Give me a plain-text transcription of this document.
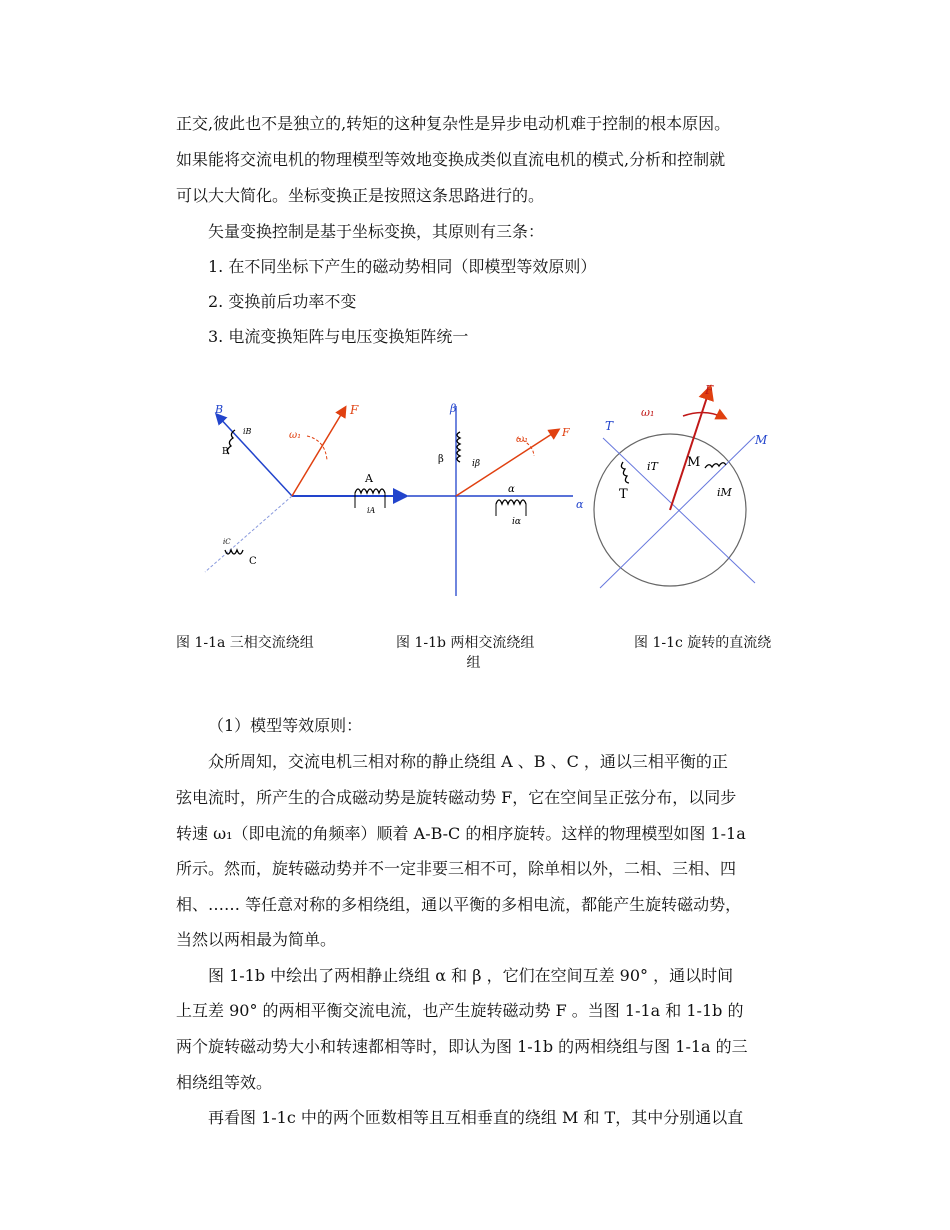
正交,彼此也不是独立的,转矩的这种复杂性是异步电动机难于控制的根本原因。
如果能将交流电机的物理模型等效地变换成类似直流电机的模式,分析和控制就
可以大大简化。坐标变换正是按照这条思路进行的。
矢量变换控制是基于坐标变换，其原则有三条：
1. 在不同坐标下产生的磁动势相同（即模型等效原则）
2. 变换前后功率不变
3. 电流变换矩阵与电压变换矩阵统一
B
A
C
B
F
ω₁
iA
iB
iC
β
α
F
ω₁
iβ
iα
α
β
F
ω₁
T
M
iT
iM
T
M
图 1-1a 三相交流绕组	图 1-1b 两相交流绕组
组
图 1-1c 旋转的直流绕
（1）模型等效原则：
众所周知，交流电机三相对称的静止绕组 A 、B 、C ，通以三相平衡的正
弦电流时，所产生的合成磁动势是旋转磁动势 F，它在空间呈正弦分布，以同步
转速 ω₁（即电流的角频率）顺着 A-B-C 的相序旋转。这样的物理模型如图 1-1a
所示。然而，旋转磁动势并不一定非要三相不可，除单相以外，二相、三相、四
相、…… 等任意对称的多相绕组，通以平衡的多相电流，都能产生旋转磁动势，
当然以两相最为简单。
图 1-1b 中绘出了两相静止绕组 α 和 β ，它们在空间互差 90° ，通以时间
上互差 90° 的两相平衡交流电流，也产生旋转磁动势 F 。当图 1-1a 和 1-1b 的
两个旋转磁动势大小和转速都相等时，即认为图 1-1b 的两相绕组与图 1-1a 的三
相绕组等效。
再看图 1-1c 中的两个匝数相等且互相垂直的绕组 M 和 T，其中分别通以直
